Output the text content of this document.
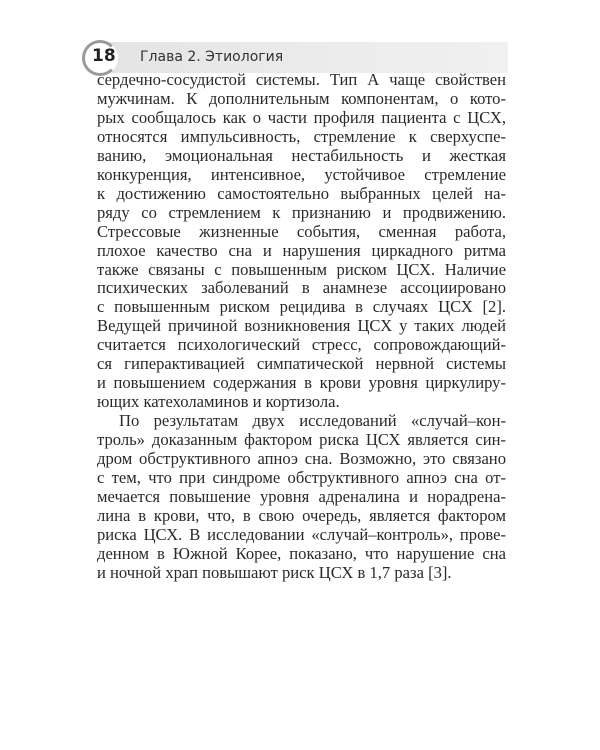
18 Глава 2. Этиология
сердечно-сосудистой системы. Тип А чаще свойствен
мужчинам. К дополнительным компонентам, о кото-
рых сообщалось как о части профиля пациента с ЦСХ,
относятся импульсивность, стремление к сверхуспе-
ванию, эмоциональная нестабильность и жесткая
конкуренция, интенсивное, устойчивое стремление
к достижению самостоятельно выбранных целей на-
ряду со стремлением к признанию и продвижению.
Стрессовые жизненные события, сменная работа,
плохое качество сна и нарушения циркадного ритма
также связаны с повышенным риском ЦСХ. Наличие
психических заболеваний в анамнезе ассоциировано
с повышенным риском рецидива в случаях ЦСХ [2].
Ведущей причиной возникновения ЦСХ у таких людей
считается психологический стресс, сопровождающий-
ся гиперактивацией симпатической нервной системы
и повышением содержания в крови уровня циркулиру-
ющих катехоламинов и кортизола.
По результатам двух исследований «случай–кон-
троль» доказанным фактором риска ЦСХ является син-
дром обструктивного апноэ сна. Возможно, это связано
с тем, что при синдроме обструктивного апноэ сна от-
мечается повышение уровня адреналина и норадрена-
лина в крови, что, в свою очередь, является фактором
риска ЦСХ. В исследовании «случай–контроль», прове-
денном в Южной Корее, показано, что нарушение сна
и ночной храп повышают риск ЦСХ в 1,7 раза [3].
